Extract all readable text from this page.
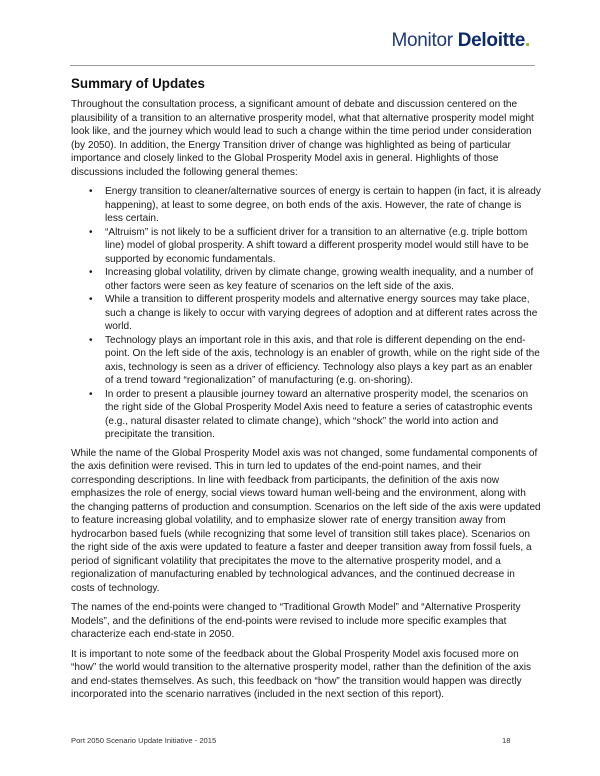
Monitor Deloitte.
Summary of Updates

Throughout the consultation process, a significant amount of debate and discussion centered on the plausibility of a transition to an alternative prosperity model, what that alternative prosperity model might look like, and the journey which would lead to such a change within the time period under consideration (by 2050). In addition, the Energy Transition driver of change was highlighted as being of particular importance and closely linked to the Global Prosperity Model axis in general. Highlights of those discussions included the following general themes:

• Energy transition to cleaner/alternative sources of energy is certain to happen (in fact, it is already happening), at least to some degree, on both ends of the axis. However, the rate of change is less certain.
• “Altruism” is not likely to be a sufficient driver for a transition to an alternative (e.g. triple bottom line) model of global prosperity. A shift toward a different prosperity model would still have to be supported by economic fundamentals.
• Increasing global volatility, driven by climate change, growing wealth inequality, and a number of other factors were seen as key feature of scenarios on the left side of the axis.
• While a transition to different prosperity models and alternative energy sources may take place, such a change is likely to occur with varying degrees of adoption and at different rates across the world.
• Technology plays an important role in this axis, and that role is different depending on the end-point. On the left side of the axis, technology is an enabler of growth, while on the right side of the axis, technology is seen as a driver of efficiency. Technology also plays a key part as an enabler of a trend toward “regionalization” of manufacturing (e.g. on-shoring).
• In order to present a plausible journey toward an alternative prosperity model, the scenarios on the right side of the Global Prosperity Model Axis need to feature a series of catastrophic events (e.g., natural disaster related to climate change), which “shock” the world into action and precipitate the transition.

While the name of the Global Prosperity Model axis was not changed, some fundamental components of the axis definition were revised. This in turn led to updates of the end-point names, and their corresponding descriptions. In line with feedback from participants, the definition of the axis now emphasizes the role of energy, social views toward human well-being and the environment, along with the changing patterns of production and consumption. Scenarios on the left side of the axis were updated to feature increasing global volatility, and to emphasize slower rate of energy transition away from hydrocarbon based fuels (while recognizing that some level of transition still takes place). Scenarios on the right side of the axis were updated to feature a faster and deeper transition away from fossil fuels, a period of significant volatility that precipitates the move to the alternative prosperity model, and a regionalization of manufacturing enabled by technological advances, and the continued decrease in costs of technology.

The names of the end-points were changed to “Traditional Growth Model” and “Alternative Prosperity Models”, and the definitions of the end-points were revised to include more specific examples that characterize each end-state in 2050.

It is important to note some of the feedback about the Global Prosperity Model axis focused more on “how” the world would transition to the alternative prosperity model, rather than the definition of the axis and end-states themselves. As such, this feedback on “how” the transition would happen was directly incorporated into the scenario narratives (included in the next section of this report).

Port 2050 Scenario Update Initiative - 2015	18
